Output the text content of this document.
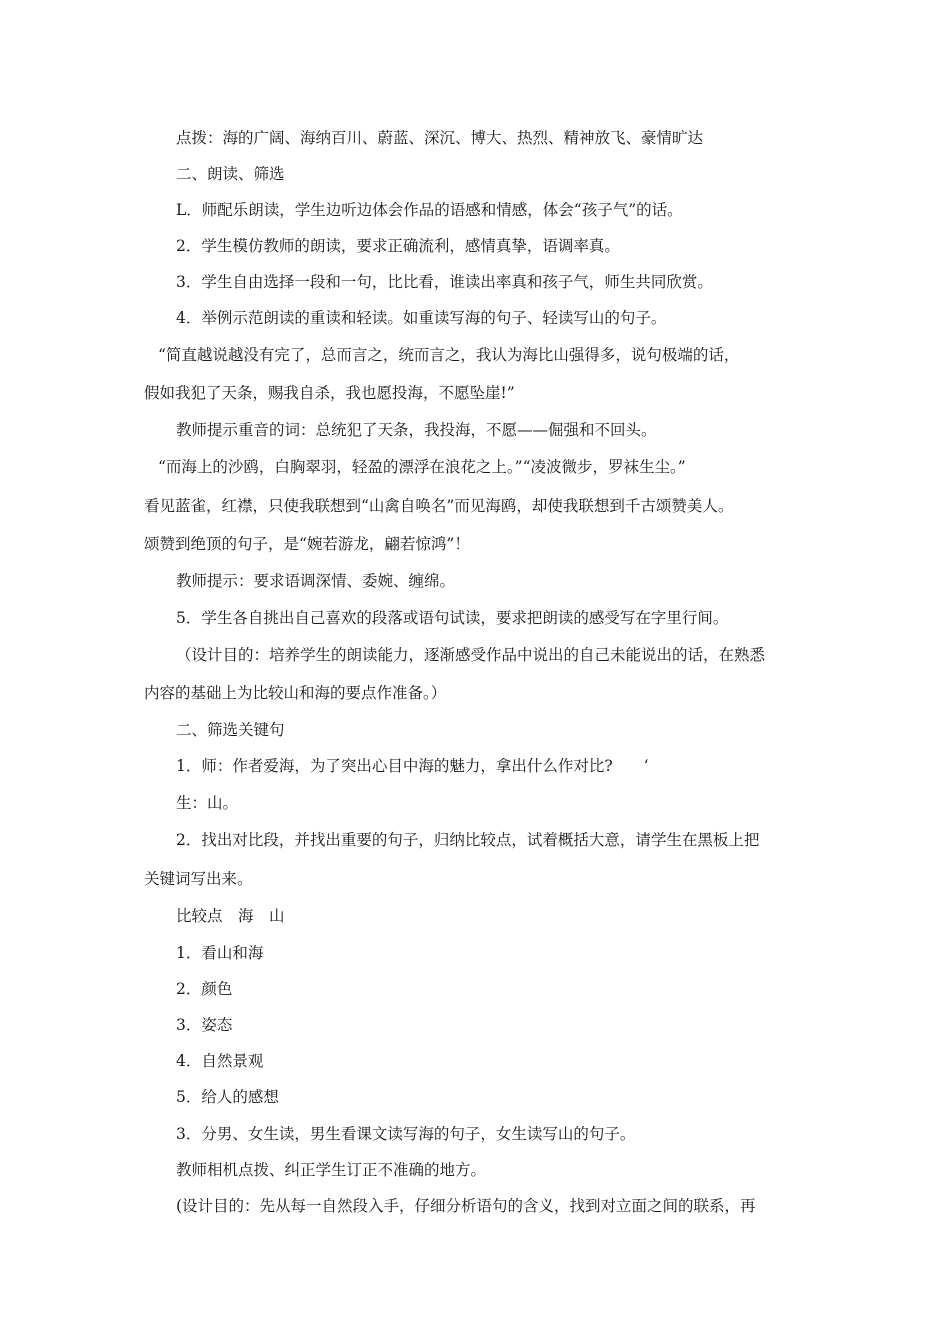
点拨：海的广阔、海纳百川、蔚蓝、深沉、博大、热烈、精神放飞、豪情旷达
二、朗读、筛选
L．师配乐朗读，学生边听边体会作品的语感和情感，体会“孩子气”的话。
2．学生模仿教师的朗读，要求正确流利，感情真挚，语调率真。
3．学生自由选择一段和一句，比比看，谁读出率真和孩子气，师生共同欣赏。
4．举例示范朗读的重读和轻读。如重读写海的句子、轻读写山的句子。
“简直越说越没有完了，总而言之，统而言之，我认为海比山强得多，说句极端的话，
假如我犯了天条，赐我自杀，我也愿投海，不愿坠崖!”
教师提示重音的词：总统犯了天条，我投海，不愿——倔强和不回头。
“而海上的沙鸥，白胸翠羽，轻盈的漂浮在浪花之上。”“凌波微步，罗袜生尘。”
看见蓝雀，红襟，只使我联想到“山禽自唤名”而见海鸥，却使我联想到千古颂赞美人。
颂赞到绝顶的句子，是“婉若游龙，翩若惊鸿”！
教师提示：要求语调深情、委婉、缠绵。
5．学生各自挑出自己喜欢的段落或语句试读，要求把朗读的感受写在字里行间。
（设计目的：培养学生的朗读能力，逐渐感受作品中说出的自己未能说出的话，在熟悉
内容的基础上为比较山和海的要点作准备。）
二、筛选关键句
1．师：作者爱海，为了突出心目中海的魅力，拿出什么作对比?　　‘
生：山。
2．找出对比段，并找出重要的句子，归纳比较点，试着概括大意，请学生在黑板上把
关键词写出来。
比较点　海　山
1．看山和海
2．颜色
3．姿态
4．自然景观
5．给人的感想
3．分男、女生读，男生看课文读写海的句子，女生读写山的句子。
教师相机点拨、纠正学生订正不准确的地方。
(设计目的：先从每一自然段入手，仔细分析语句的含义，找到对立面之间的联系，再
